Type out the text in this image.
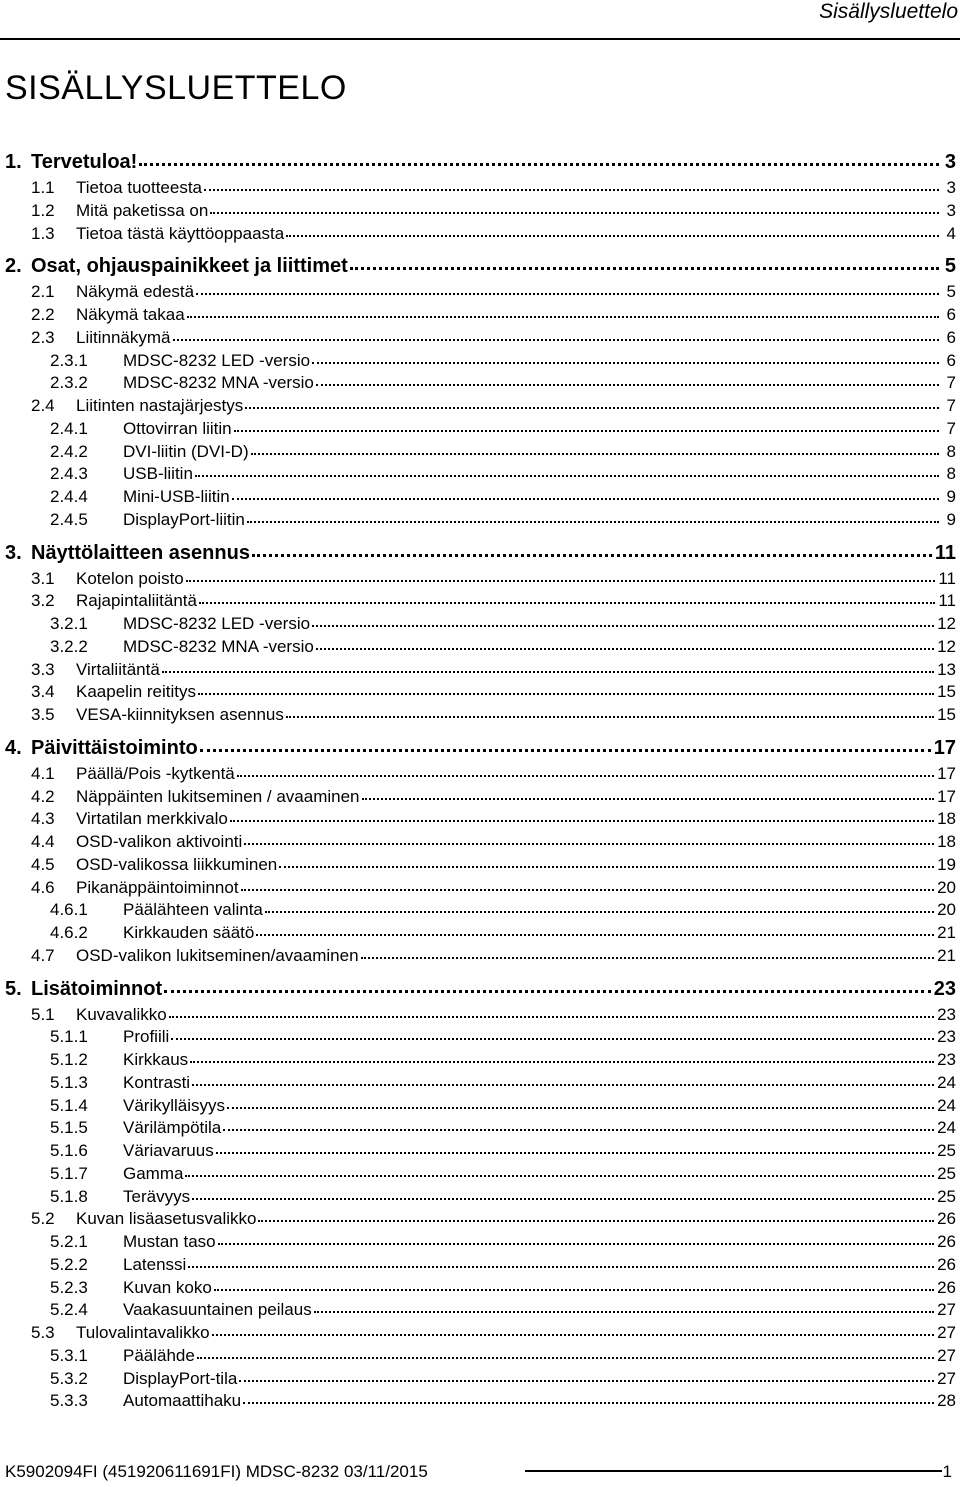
Sisällysluettelo
SISÄLLYSLUETTELO
1. Tervetuloa!	3
1.1	Tietoa tuotteesta	3
1.2	Mitä paketissa on	3
1.3	Tietoa tästä käyttöoppaasta	4
2. Osat, ohjauspainikkeet ja liittimet	5
2.1	Näkymä edestä	5
2.2	Näkymä takaa	6
2.3	Liitinnäkymä	6
2.3.1	MDSC-8232 LED -versio	6
2.3.2	MDSC-8232 MNA -versio	7
2.4	Liitinten nastajärjestys	7
2.4.1	Ottovirran liitin	7
2.4.2	DVI-liitin (DVI-D)	8
2.4.3	USB-liitin	8
2.4.4	Mini-USB-liitin	9
2.4.5	DisplayPort-liitin	9
3. Näyttölaitteen asennus	11
3.1	Kotelon poisto	11
3.2	Rajapintaliitäntä	11
3.2.1	MDSC-8232 LED -versio	12
3.2.2	MDSC-8232 MNA -versio	12
3.3	Virtaliitäntä	13
3.4	Kaapelin reititys	15
3.5	VESA-kiinnityksen asennus	15
4. Päivittäistoiminto	17
4.1	Päällä/Pois -kytkentä	17
4.2	Näppäinten lukitseminen / avaaminen	17
4.3	Virtatilan merkkivalo	18
4.4	OSD-valikon aktivointi	18
4.5	OSD-valikossa liikkuminen	19
4.6	Pikanäppäintoiminnot	20
4.6.1	Päälähteen valinta	20
4.6.2	Kirkkauden säätö	21
4.7	OSD-valikon lukitseminen/avaaminen	21
5. Lisätoiminnot	23
5.1	Kuvavalikko	23
5.1.1	Profiili	23
5.1.2	Kirkkaus	23
5.1.3	Kontrasti	24
5.1.4	Värikylläisyys	24
5.1.5	Värilämpötila	24
5.1.6	Väriavaruus	25
5.1.7	Gamma	25
5.1.8	Terävyys	25
5.2	Kuvan lisäasetusvalikko	26
5.2.1	Mustan taso	26
5.2.2	Latenssi	26
5.2.3	Kuvan koko	26
5.2.4	Vaakasuuntainen peilaus	27
5.3	Tulovalintavalikko	27
5.3.1	Päälähde	27
5.3.2	DisplayPort-tila	27
5.3.3	Automaattihaku	28
K5902094FI (451920611691FI) MDSC-8232 03/11/2015	1
